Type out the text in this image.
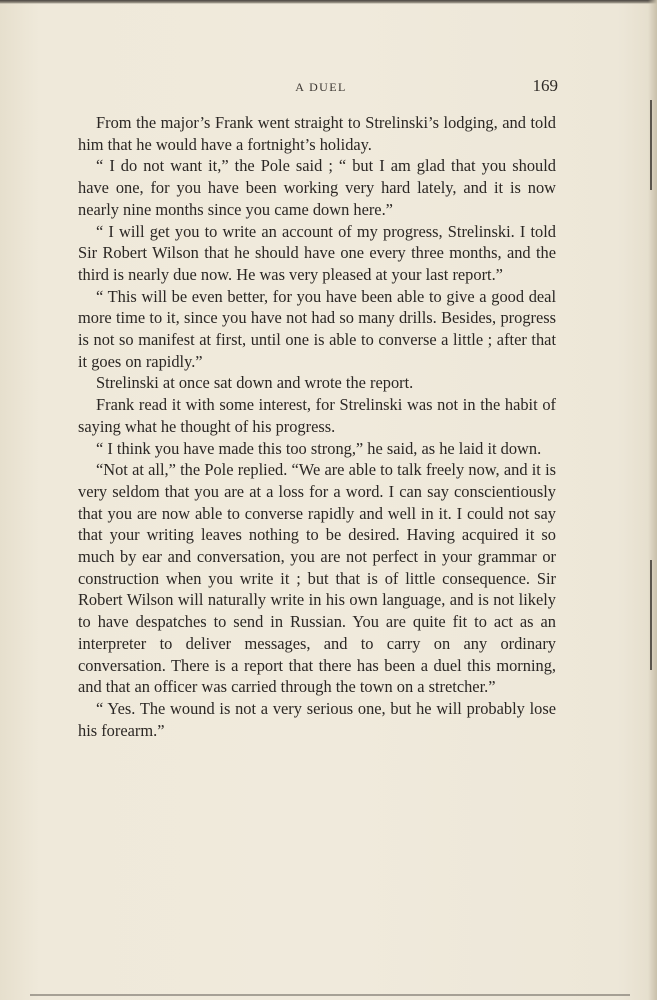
A DUEL	169

From the major’s Frank went straight to Strelinski’s lodging, and told him that he would have a fortnight’s holiday.

“ I do not want it,” the Pole said ; “ but I am glad that you should have one, for you have been working very hard lately, and it is now nearly nine months since you came down here.”

“ I will get you to write an account of my progress, Strelinski. I told Sir Robert Wilson that he should have one every three months, and the third is nearly due now. He was very pleased at your last report.”

“ This will be even better, for you have been able to give a good deal more time to it, since you have not had so many drills. Besides, progress is not so manifest at first, until one is able to converse a little ; after that it goes on rapidly.”

Strelinski at once sat down and wrote the report.

Frank read it with some interest, for Strelinski was not in the habit of saying what he thought of his progress.

“ I think you have made this too strong,” he said, as he laid it down.

“Not at all,” the Pole replied. “We are able to talk freely now, and it is very seldom that you are at a loss for a word. I can say conscientiously that you are now able to converse rapidly and well in it. I could not say that your writing leaves nothing to be desired. Having acquired it so much by ear and conversation, you are not perfect in your grammar or construction when you write it ; but that is of little consequence. Sir Robert Wilson will naturally write in his own language, and is not likely to have despatches to send in Russian. You are quite fit to act as an interpreter to deliver messages, and to carry on any ordinary conversation. There is a report that there has been a duel this morning, and that an officer was carried through the town on a stretcher.”

“ Yes. The wound is not a very serious one, but he will probably lose his forearm.”
